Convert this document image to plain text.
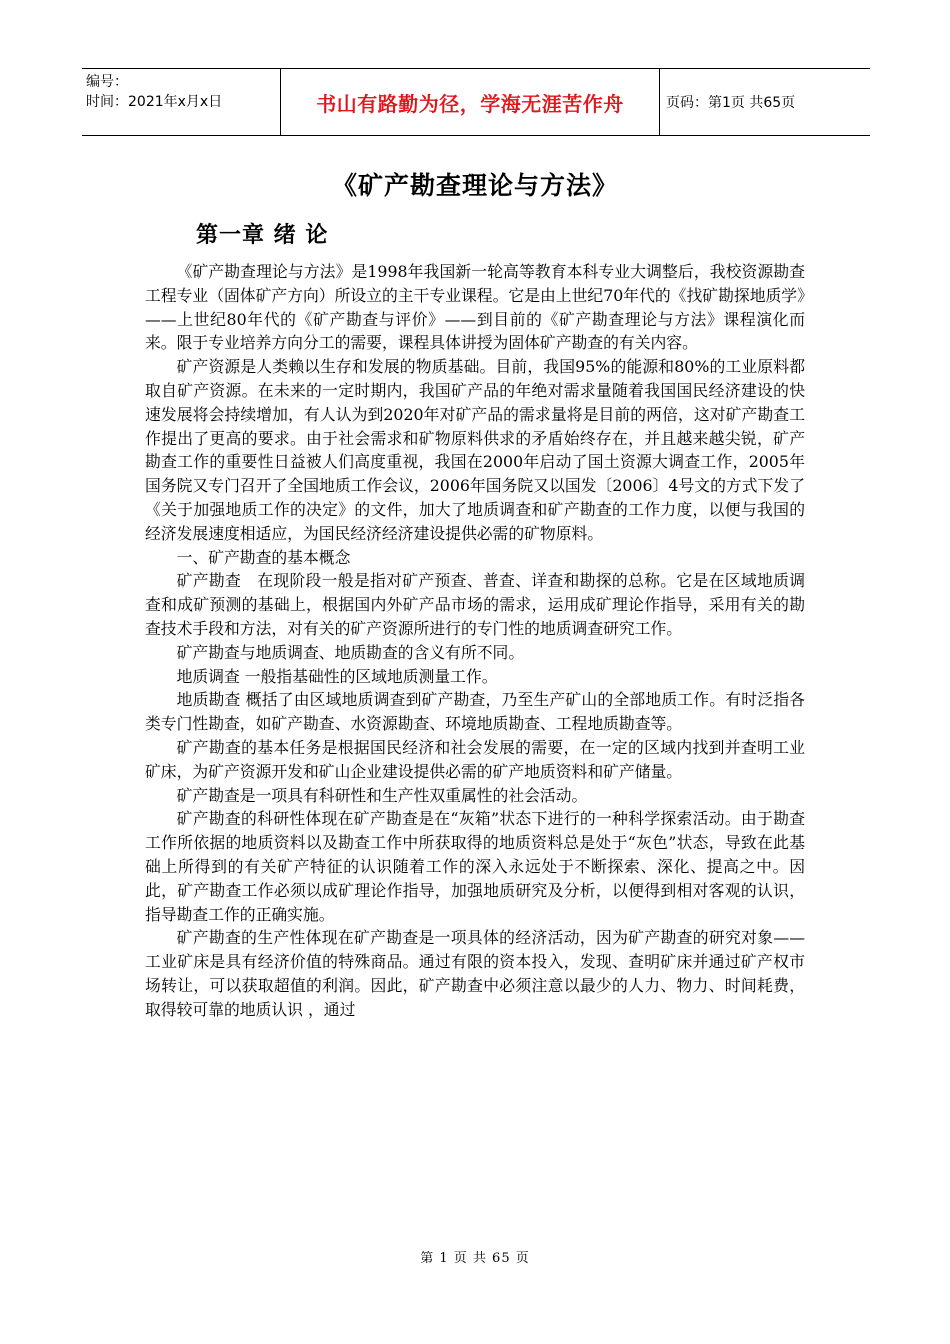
编号：
时间：2021年x月x日	书山有路勤为径，学海无涯苦作舟	页码：第1页 共65页
《矿产勘查理论与方法》
第一章 绪 论

《矿产勘查理论与方法》是1998年我国新一轮高等教育本科专业大调整后，我校资源勘查工程专业（固体矿产方向）所设立的主干专业课程。它是由上世纪70年代的《找矿勘探地质学》——上世纪80年代的《矿产勘查与评价》——到目前的《矿产勘查理论与方法》课程演化而来。限于专业培养方向分工的需要，课程具体讲授为固体矿产勘查的有关内容。

矿产资源是人类赖以生存和发展的物质基础。目前，我国95%的能源和80%的工业原料都取自矿产资源。在未来的一定时期内，我国矿产品的年绝对需求量随着我国国民经济建设的快速发展将会持续增加，有人认为到2020年对矿产品的需求量将是目前的两倍，这对矿产勘查工作提出了更高的要求。由于社会需求和矿物原料供求的矛盾始终存在，并且越来越尖锐，矿产勘查工作的重要性日益被人们高度重视，我国在2000年启动了国土资源大调查工作，2005年国务院又专门召开了全国地质工作会议，2006年国务院又以国发〔2006〕4号文的方式下发了《关于加强地质工作的决定》的文件，加大了地质调查和矿产勘查的工作力度，以便与我国的经济发展速度相适应，为国民经济经济建设提供必需的矿物原料。

一、矿产勘查的基本概念

矿产勘查　在现阶段一般是指对矿产预查、普查、详查和勘探的总称。它是在区域地质调查和成矿预测的基础上，根据国内外矿产品市场的需求，运用成矿理论作指导，采用有关的勘查技术手段和方法，对有关的矿产资源所进行的专门性的地质调查研究工作。

矿产勘查与地质调查、地质勘查的含义有所不同。

地质调查 一般指基础性的区域地质测量工作。

地质勘查 概括了由区域地质调查到矿产勘查，乃至生产矿山的全部地质工作。有时泛指各类专门性勘查，如矿产勘查、水资源勘查、环境地质勘查、工程地质勘查等。

矿产勘查的基本任务是根据国民经济和社会发展的需要，在一定的区域内找到并查明工业矿床，为矿产资源开发和矿山企业建设提供必需的矿产地质资料和矿产储量。

矿产勘查是一项具有科研性和生产性双重属性的社会活动。

矿产勘查的科研性体现在矿产勘查是在“灰箱”状态下进行的一种科学探索活动。由于勘查工作所依据的地质资料以及勘查工作中所获取得的地质资料总是处于“灰色”状态，导致在此基础上所得到的有关矿产特征的认识随着工作的深入永远处于不断探索、深化、提高之中。因此，矿产勘查工作必须以成矿理论作指导，加强地质研究及分析，以便得到相对客观的认识，指导勘查工作的正确实施。

矿产勘查的生产性体现在矿产勘查是一项具体的经济活动，因为矿产勘查的研究对象——工业矿床是具有经济价值的特殊商品。通过有限的资本投入，发现、查明矿床并通过矿产权市场转让，可以获取超值的利润。因此，矿产勘查中必须注意以最少的人力、物力、时间耗费，取得较可靠的地质认识 ，通过

第 1 页 共 65 页
